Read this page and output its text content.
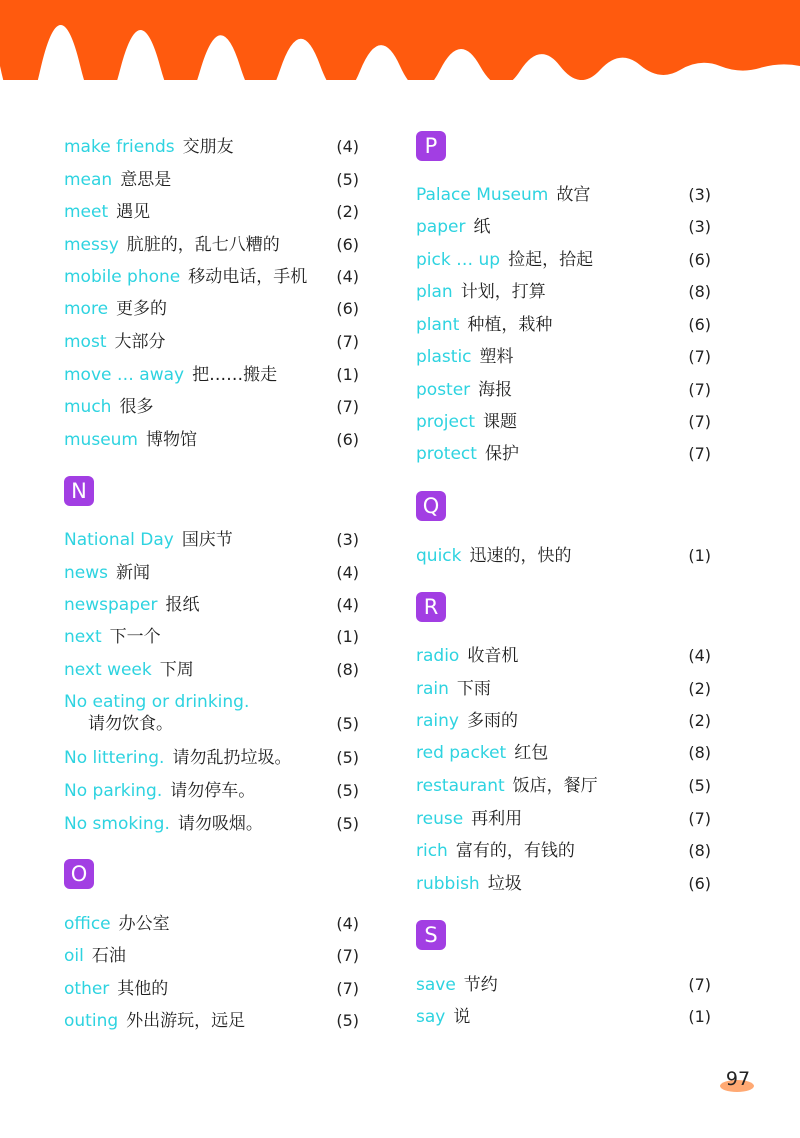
make friends 交朋友	(4)
mean 意思是	(5)
meet 遇见	(2)
messy 肮脏的，乱七八糟的	(6)
mobile phone 移动电话，手机 (4)
more 更多的	(6)
most 大部分	(7)
move … away 把……搬走	(1)
much 很多	(7)
museum 博物馆	(6)
N
National Day 国庆节	(3)
news 新闻	(4)
newspaper 报纸	(4)
next 下一个	(1)
next week 下周	(8)
No eating or drinking.
请勿饮食。	(5)
No littering. 请勿乱扔垃圾。	(5)
No parking. 请勿停车。	(5)
No smoking. 请勿吸烟。	(5)
O
office 办公室	(4)
oil 石油	(7)
other 其他的	(7)
outing 外出游玩，远足	(5)
P
Palace Museum 故宫	(3)
paper 纸	(3)
pick … up 捡起，拾起	(6)
plan 计划，打算	(8)
plant 种植，栽种	(6)
plastic 塑料	(7)
poster 海报	(7)
project 课题	(7)
protect 保护	(7)
Q
quick 迅速的，快的	(1)
R
radio 收音机	(4)
rain 下雨	(2)
rainy 多雨的	(2)
red packet 红包	(8)
restaurant 饭店，餐厅	(5)
reuse 再利用	(7)
rich 富有的，有钱的	(8)
rubbish 垃圾	(6)
S
save 节约	(7)
say 说	(1)
97
